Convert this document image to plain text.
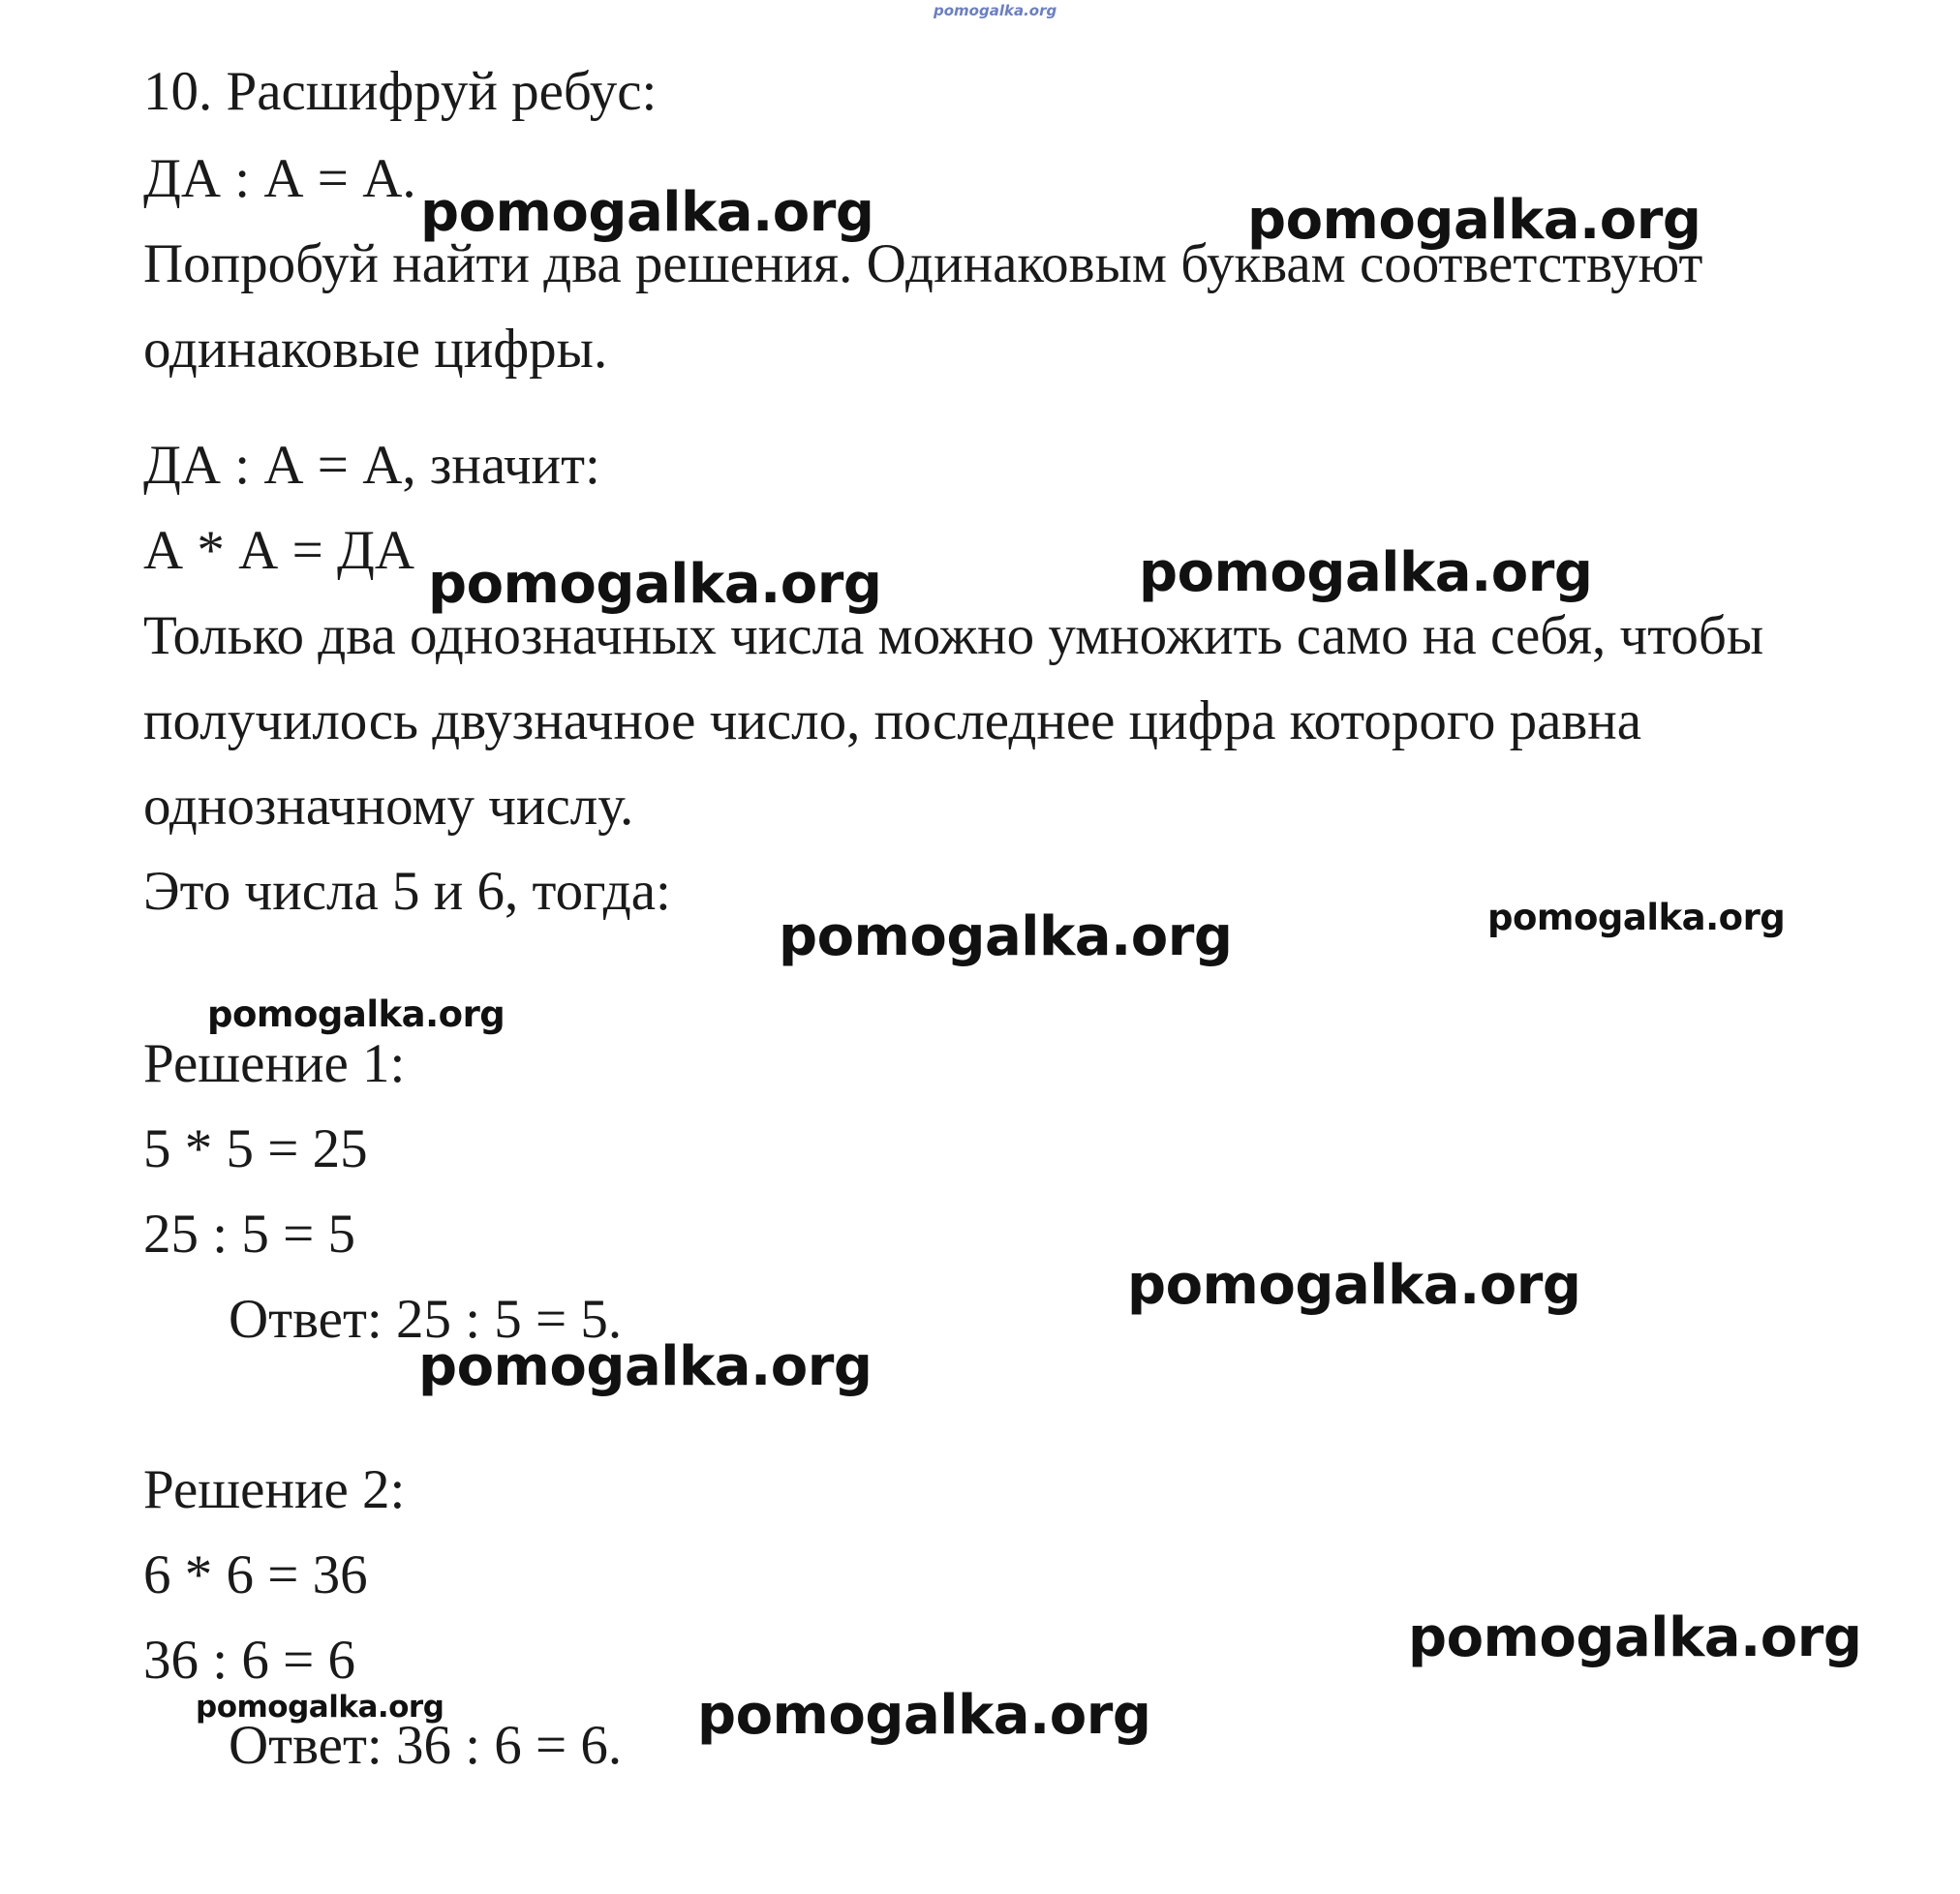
pomogalka.org

10. Расшифруй ребус:

ДА : А = А.

Попробуй найти два решения. Одинаковым буквам соответствуют

одинаковые цифры.

ДА : А = А, значит:

А * А = ДА

Только два однозначных числа можно умножить само на себя, чтобы

получилось двузначное число, последнее цифра которого равна

однозначному числу.

Это числа 5 и 6, тогда:

Решение 1:

5 * 5 = 25

25 : 5 = 5

Ответ: 25 : 5 = 5.

Решение 2:

6 * 6 = 36

36 : 6 = 6

Ответ: 36 : 6 = 6.

pomogalka.org	pomogalka.org
pomogalka.org	pomogalka.org
pomogalka.org	pomogalka.org
pomogalka.org
pomogalka.org
pomogalka.org
pomogalka.org
pomogalka.org	pomogalka.org
